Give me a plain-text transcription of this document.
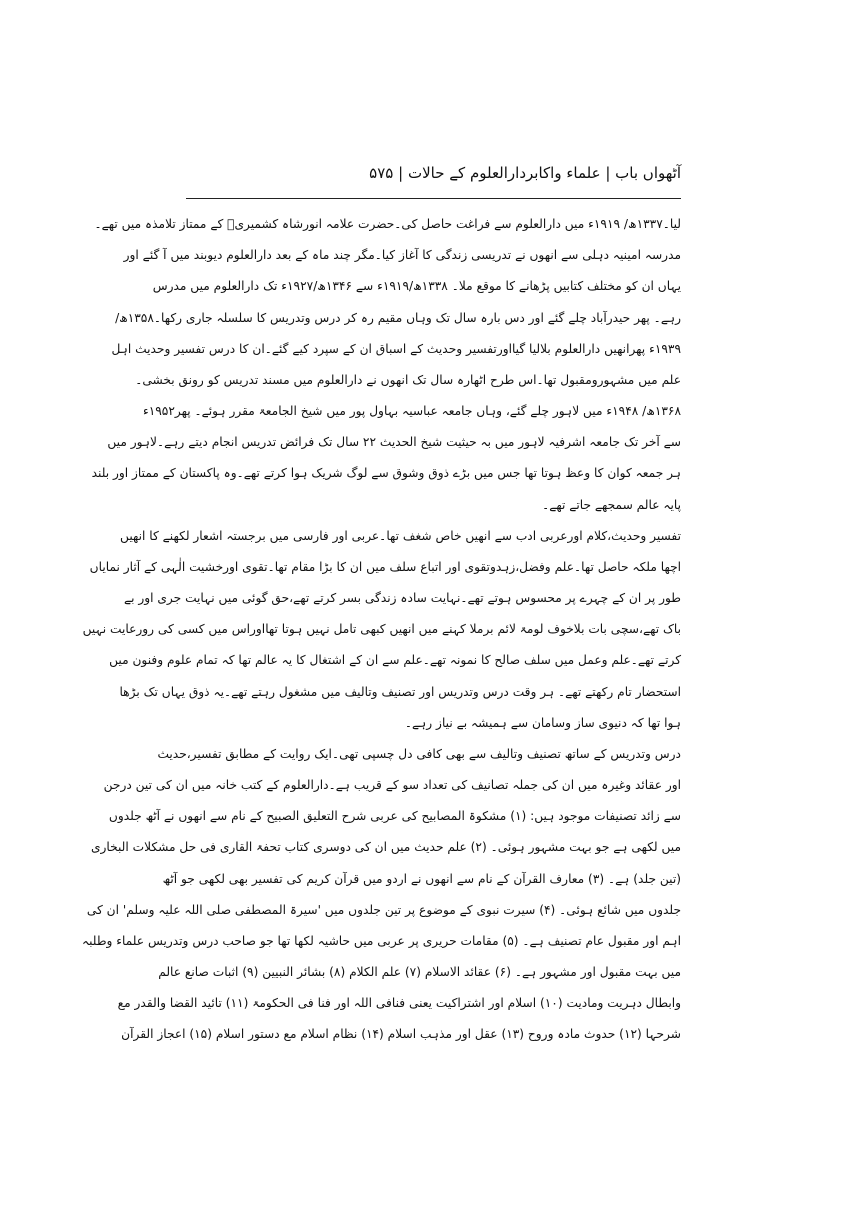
آٹھواں باب | علماء واکابردارالعلوم کے حالات | ۵۷۵
لیا۔۱۳۳۷ھ/ ۱۹۱۹ء میں دارالعلوم سے فراغت حاصل کی۔حضرت علامہ انورشاہ کشمیریؒ کے ممتاز تلامذہ میں تھے۔
مدرسہ امینیہ دہلی سے انھوں نے تدریسی زندگی کا آغاز کیا۔مگر چند ماہ کے بعد دارالعلوم دیوبند میں آ گئے اور
یہاں ان کو مختلف کتابیں پڑھانے کا موقع ملا۔ ۱۳۳۸ھ/۱۹۱۹ء سے ۱۳۴۶ھ/۱۹۲۷ء تک دارالعلوم میں مدرس
رہے۔ پھر حیدرآباد چلے گئے اور دس بارہ سال تک وہاں مقیم رہ کر درس وتدریس کا سلسلہ جاری رکھا۔۱۳۵۸ھ/
۱۹۳۹ء پھرانھیں دارالعلوم بلالیا گیااورتفسیر وحدیث کے اسباق ان کے سپرد کیے گئے۔ان کا درس تفسیر وحدیث اہل
علم میں مشہورومقبول تھا۔اس طرح اٹھارہ سال تک انھوں نے دارالعلوم میں مسند تدریس کو رونق بخشی۔
۱۳۶۸ھ/ ۱۹۴۸ء میں لاہور چلے گئے، وہاں جامعہ عباسیہ بہاول پور میں شیخ الجامعۃ مقرر ہوئے۔ پھر۱۹۵۲ء
سے آخر تک جامعہ اشرفیہ لاہور میں بہ حیثیت شیخ الحدیث ۲۲ سال تک فرائض تدریس انجام دیتے رہے۔لاہور میں
ہر جمعہ کوان کا وعظ ہوتا تھا جس میں بڑے ذوق وشوق سے لوگ شریک ہوا کرتے تھے۔وہ پاکستان کے ممتاز اور بلند
پایہ عالم سمجھے جاتے تھے۔
تفسیر وحدیث،کلام اورعربی ادب سے انھیں خاص شغف تھا۔عربی اور فارسی میں برجستہ اشعار لکھنے کا انھیں
اچھا ملکہ حاصل تھا۔علم وفضل،زہدوتقوی اور اتباع سلف میں ان کا بڑا مقام تھا۔تقوی اورخشیت الٰہی کے آثار نمایاں
طور پر ان کے چہرے پر محسوس ہوتے تھے۔نہایت سادہ زندگی بسر کرتے تھے،حق گوئی میں نہایت جری اور بے
باک تھے،سچی بات بلاخوف لومۃ لائم برملا کہنے میں انھیں کبھی تامل نہیں ہوتا تھااوراس میں کسی کی رورعایت نہیں
کرتے تھے۔علم وعمل میں سلف صالح کا نمونہ تھے۔علم سے ان کے اشتغال کا یہ عالم تھا کہ تمام علوم وفنون میں
استحضار تام رکھتے تھے۔ ہر وقت درس وتدریس اور تصنیف وتالیف میں مشغول رہتے تھے۔یہ ذوق یہاں تک بڑھا
ہوا تھا کہ دنیوی ساز وسامان سے ہمیشہ بے نیاز رہے۔
درس وتدریس کے ساتھ تصنیف وتالیف سے بھی کافی دل چسپی تھی۔ایک روایت کے مطابق تفسیر،حدیث
اور عقائد وغیرہ میں ان کی جملہ تصانیف کی تعداد سو کے قریب ہے۔دارالعلوم کے کتب خانہ میں ان کی تین درجن
سے زائد تصنیفات موجود ہیں: (۱) مشکوۃ المصابیح کی عربی شرح التعلیق الصبیح کے نام سے انھوں نے آٹھ جلدوں
میں لکھی ہے جو بہت مشہور ہوئی۔ (۲) علم حدیث میں ان کی دوسری کتاب تحفۃ القاری فی حل مشکلات البخاری
(تین جلد) ہے۔ (۳) معارف القرآن کے نام سے انھوں نے اردو میں قرآن کریم کی تفسیر بھی لکھی جو آٹھ
جلدوں میں شائع ہوئی۔ (۴) سیرت نبوی کے موضوع پر تین جلدوں میں 'سیرۃ المصطفی صلی اللہ علیہ وسلم' ان کی
اہم اور مقبول عام تصنیف ہے۔ (۵) مقامات حریری پر عربی میں حاشیہ لکھا تھا جو صاحب درس وتدریس علماء وطلبہ
میں بہت مقبول اور مشہور ہے۔ (۶) عقائد الاسلام (۷) علم الکلام (۸) بشائر النبیین (۹) اثبات صانع عالم
وابطال دہریت ومادیت (۱۰) اسلام اور اشتراکیت یعنی فنافی اللہ اور فنا فی الحکومۃ (۱۱) تائید القضا والقدر مع
شرحہا (۱۲) حدوث مادہ وروح (۱۳) عقل اور مذہب اسلام (۱۴) نظام اسلام مع دستور اسلام (۱۵) اعجاز القرآن
